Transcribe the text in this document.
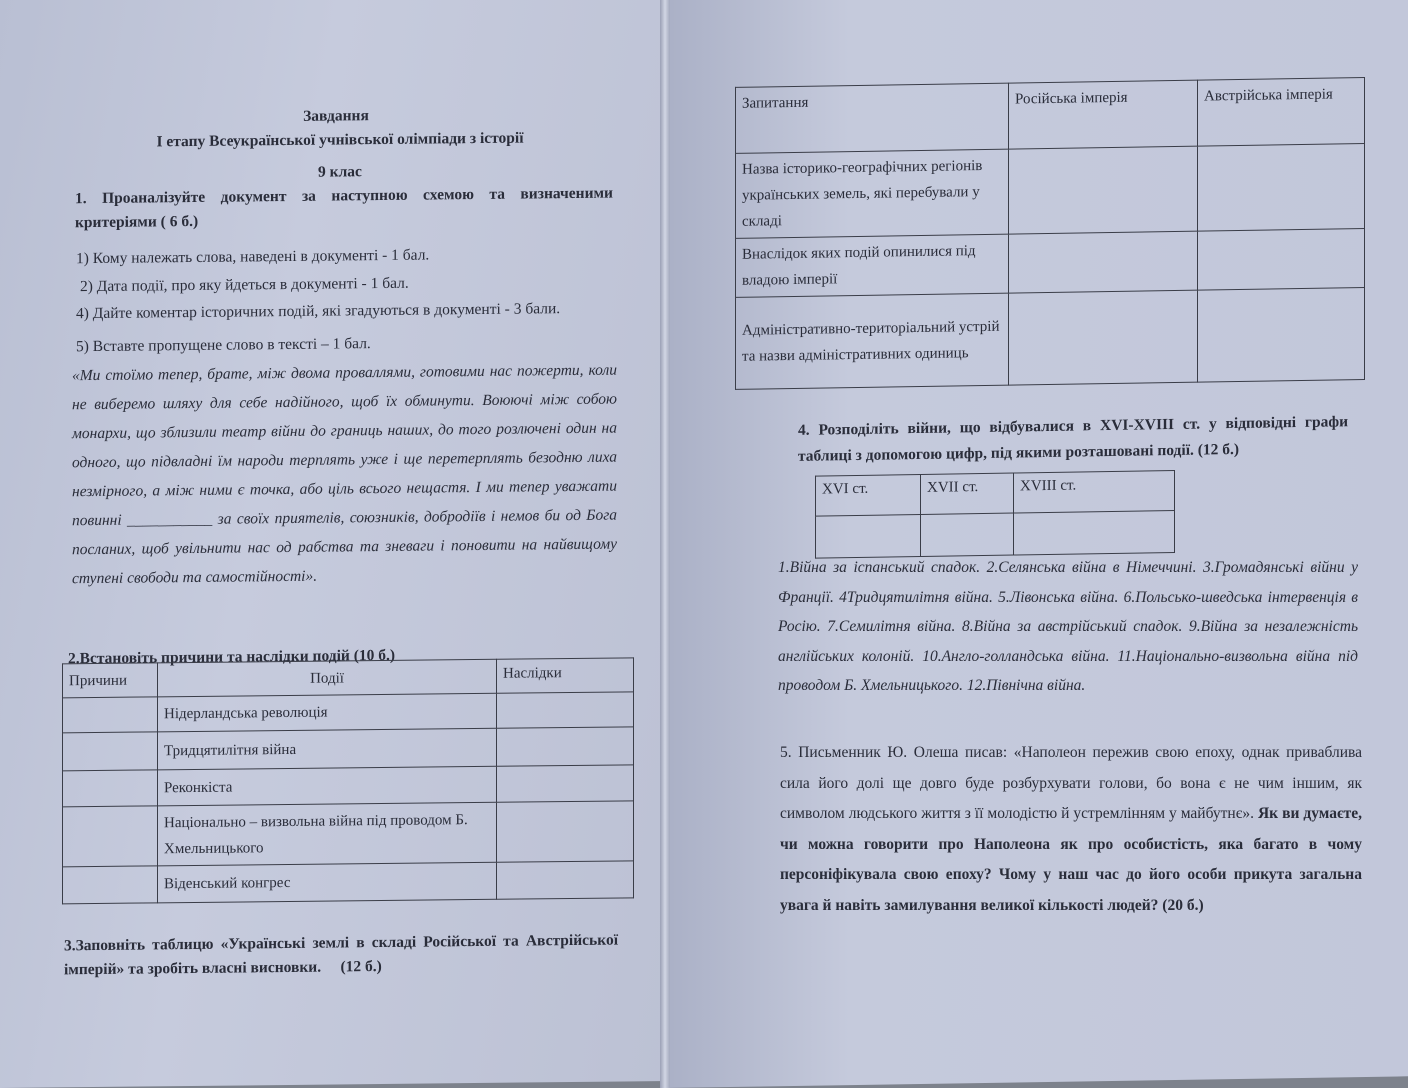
Завдання
І етапу Всеукраїнської учнівської олімпіади з історії
9 клас
1. Проаналізуйте документ за наступною схемою та визначеними критеріями ( 6 б.)
1) Кому належать слова, наведені в документі - 1 бал.
2) Дата події, про яку йдеться в документі - 1 бал.
4) Дайте коментар історичних подій, які згадуються в документі - 3 бали.
5) Вставте пропущене слово в тексті – 1 бал.
«Ми стоїмо тепер, брате, між двома проваллями, готовими нас пожерти, коли не виберемо шляху для себе надійного, щоб їх обминути. Воюючі між собою монархи, що зблизили театр війни до границь наших, до того розлючені один на одного, що підвладні їм народи терплять уже і ще перетерплять безодню лиха незмірного, а між ними є точка, або ціль всього нещастя. І ми тепер уважати повинні ___________ за своїх приятелів, союзників, добродіїв і немов би од Бога посланих, щоб увільнити нас од рабства та зневаги і поновити на найвищому ступені свободи та самостійності».
2.Встановіть причини та наслідки подій (10 б.)
Причини	Події	Наслідки
	Нідерландська революція	
	Тридцятилітня війна	
	Реконкіста	
	Національно – визвольна війна під проводом Б. Хмельницького	
	Віденський конгрес	
3.Заповніть таблицю «Українські землі в складі Російської та Австрійської імперій» та зробіть власні висновки. (12 б.)
Запитання	Російська імперія	Австрійська імперія
Назва історико-географічних регіонів українських земель, які перебували у складі		
Внаслідок яких подій опинилися під владою імперії		
Адміністративно-територіальний устрій та назви адміністративних одиниць		
4. Розподіліть війни, що відбувалися в XVI-XVIII ст. у відповідні графи таблиці з допомогою цифр, під якими розташовані події. (12 б.)
XVI ст.	XVII ст.	XVIII ст.

1.Війна за іспанський спадок. 2.Селянська війна в Німеччині. 3.Громадянські війни у Франції. 4Тридцятилітня війна. 5.Лівонська війна. 6.Польсько-шведська інтервенція в Росію. 7.Семилітня війна. 8.Війна за австрійський спадок. 9.Війна за незалежність англійських колоній. 10.Англо-голландська війна. 11.Національно-визвольна війна під проводом Б. Хмельницького. 12.Північна війна.
5. Письменник Ю. Олеша писав: «Наполеон пережив свою епоху, однак приваблива сила його долі ще довго буде розбурхувати голови, бо вона є не чим іншим, як символом людського життя з її молодістю й устремлінням у майбутнє». Як ви думаєте, чи можна говорити про Наполеона як про особистість, яка багато в чому персоніфікувала свою епоху? Чому у наш час до його особи прикута загальна увага й навіть замилування великої кількості людей? (20 б.)
